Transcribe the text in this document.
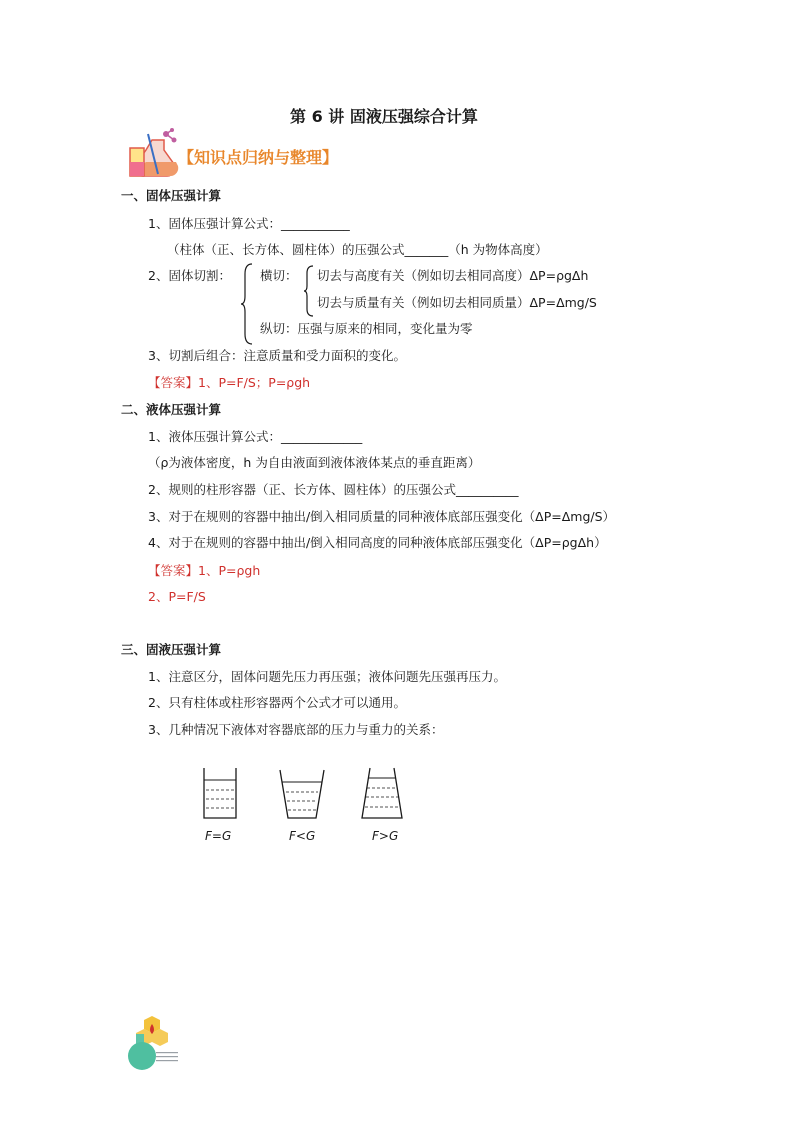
第 6 讲 固液压强综合计算
【知识点归纳与整理】
一、固体压强计算
1、固体压强计算公式：___________
（柱体（正、长方体、圆柱体）的压强公式_______（h 为物体高度）
2、固体切割： 横切： 切去与高度有关（例如切去相同高度）ΔP=ρgΔh
切去与质量有关（例如切去相同质量）ΔP=Δmg/S
纵切：压强与原来的相同，变化量为零
3、切割后组合：注意质量和受力面积的变化。
【答案】1、P=F/S；P=ρgh
二、液体压强计算
1、液体压强计算公式：_____________
（ρ为液体密度，h 为自由液面到液体液体某点的垂直距离）
2、规则的柱形容器（正、长方体、圆柱体）的压强公式__________
3、对于在规则的容器中抽出/倒入相同质量的同种液体底部压强变化（ΔP=Δmg/S）
4、对于在规则的容器中抽出/倒入相同高度的同种液体底部压强变化（ΔP=ρgΔh）
【答案】1、P=ρgh
2、P=F/S
三、固液压强计算
1、注意区分，固体问题先压力再压强；液体问题先压强再压力。
2、只有柱体或柱形容器两个公式才可以通用。
3、几种情况下液体对容器底部的压力与重力的关系：
F=G	F<G	F>G
